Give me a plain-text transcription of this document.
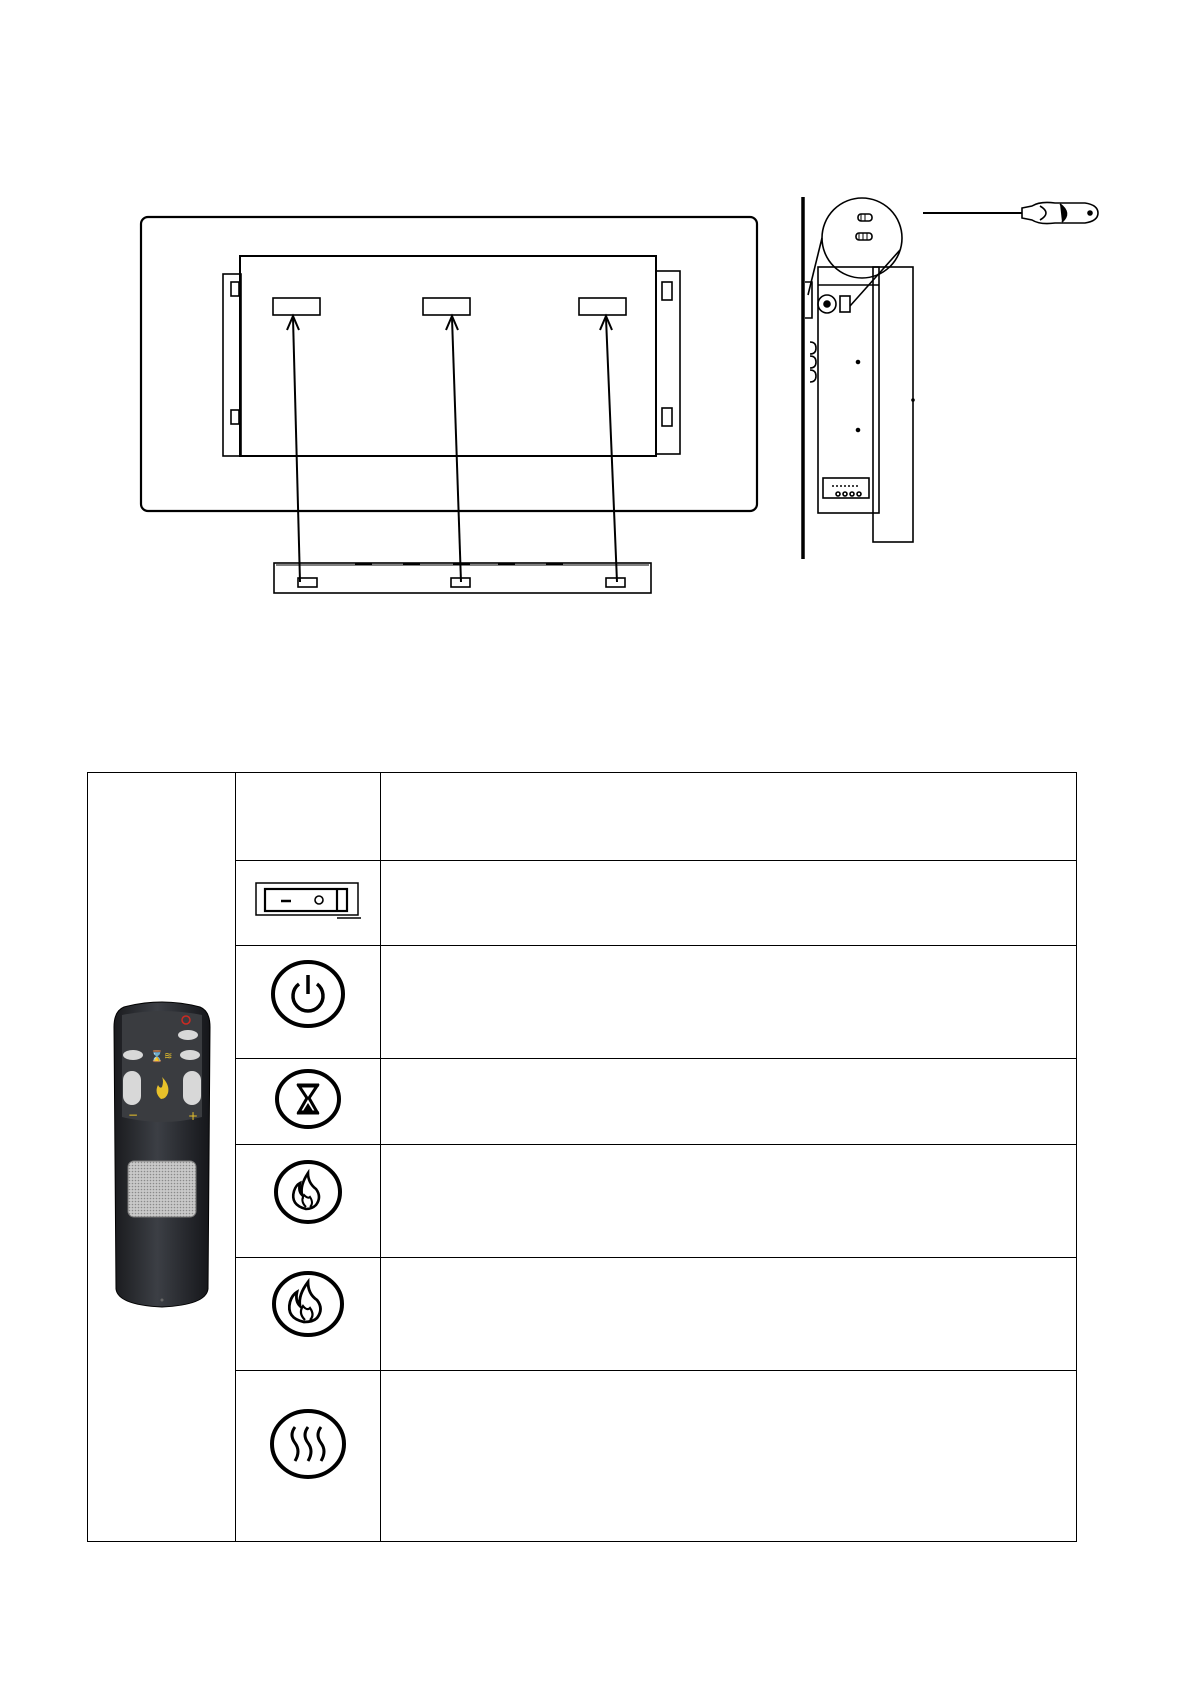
⌛ ≋
− +		
